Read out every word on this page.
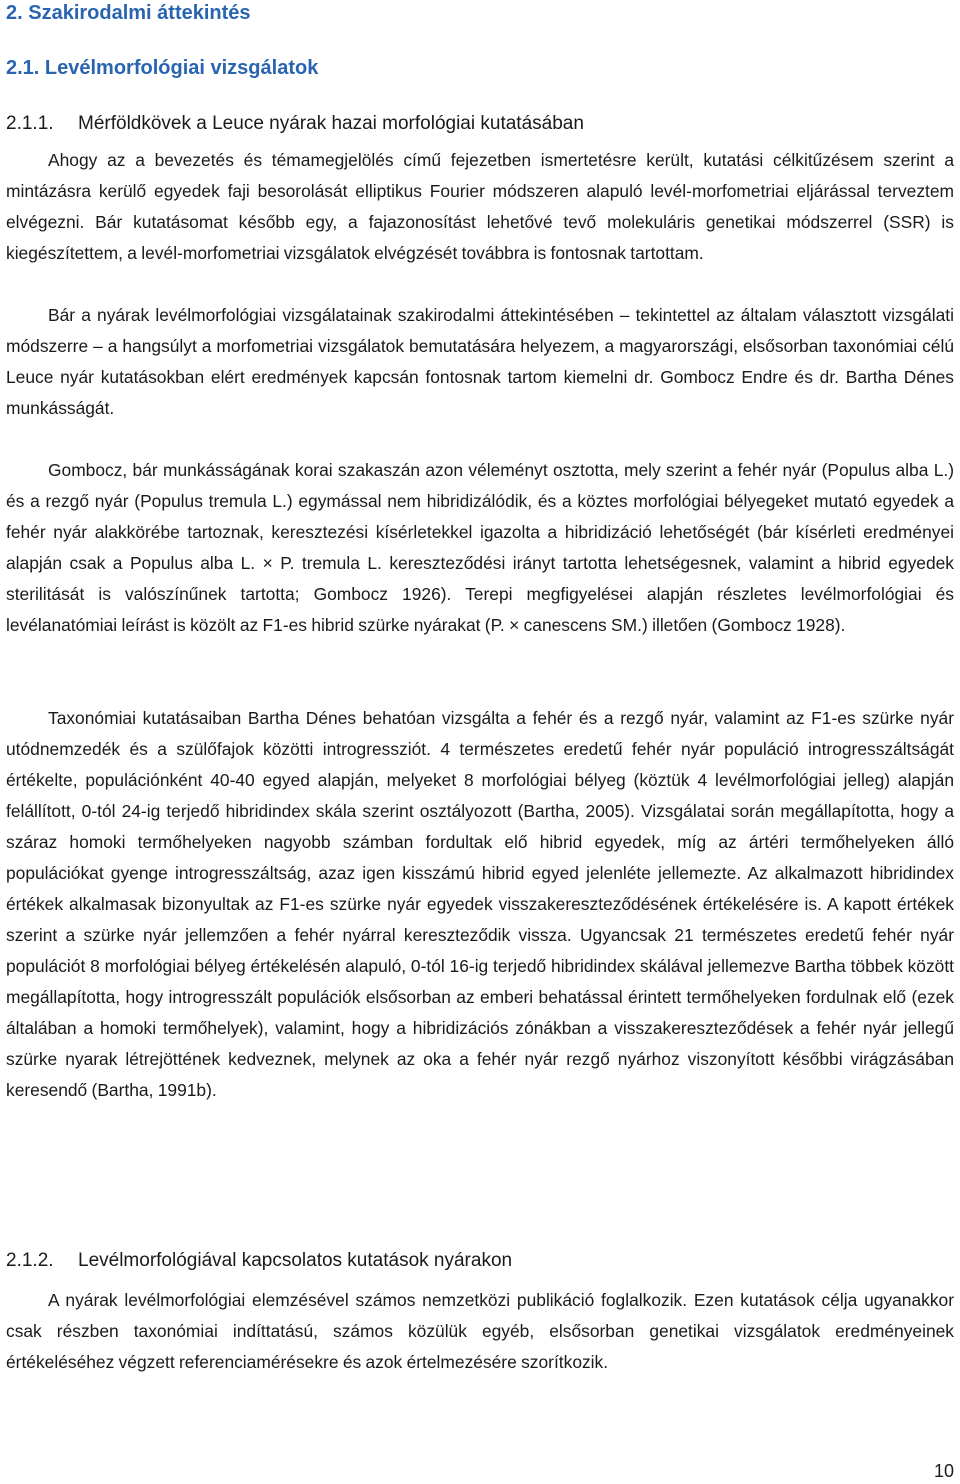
2. Szakirodalmi áttekintés
2.1. Levélmorfológiai vizsgálatok
2.1.1. Mérföldkövek a Leuce nyárak hazai morfológiai kutatásában

Ahogy az a bevezetés és témamegjelölés című fejezetben ismertetésre került, kutatási célkitűzésem szerint a mintázásra kerülő egyedek faji besorolását elliptikus Fourier módszeren alapuló levél-morfometriai eljárással terveztem elvégezni. Bár kutatásomat később egy, a fajazonosítást lehetővé tevő molekuláris genetikai módszerrel (SSR) is kiegészítettem, a levél-morfometriai vizsgálatok elvégzését továbbra is fontosnak tartottam.

Bár a nyárak levélmorfológiai vizsgálatainak szakirodalmi áttekintésében – tekintettel az általam választott vizsgálati módszerre – a hangsúlyt a morfometriai vizsgálatok bemutatására helyezem, a magyarországi, elsősorban taxonómiai célú Leuce nyár kutatásokban elért eredmények kapcsán fontosnak tartom kiemelni dr. Gombocz Endre és dr. Bartha Dénes munkásságát.

Gombocz, bár munkásságának korai szakaszán azon véleményt osztotta, mely szerint a fehér nyár (Populus alba L.) és a rezgő nyár (Populus tremula L.) egymással nem hibridizálódik, és a köztes morfológiai bélyegeket mutató egyedek a fehér nyár alakkörébe tartoznak, keresztezési kísérletekkel igazolta a hibridizáció lehetőségét (bár kísérleti eredményei alapján csak a Populus alba L. × P. tremula L. kereszteződési irányt tartotta lehetségesnek, valamint a hibrid egyedek sterilitását is valószínűnek tartotta; Gombocz 1926). Terepi megfigyelései alapján részletes levélmorfológiai és levélanatómiai leírást is közölt az F1-es hibrid szürke nyárakat (P. × canescens SM.) illetően (Gombocz 1928).

Taxonómiai kutatásaiban Bartha Dénes behatóan vizsgálta a fehér és a rezgő nyár, valamint az F1-es szürke nyár utódnemzedék és a szülőfajok közötti introgressziót. 4 természetes eredetű fehér nyár populáció introgresszáltságát értékelte, populációnként 40-40 egyed alapján, melyeket 8 morfológiai bélyeg (köztük 4 levélmorfológiai jelleg) alapján felállított, 0-tól 24-ig terjedő hibridindex skála szerint osztályozott (Bartha, 2005). Vizsgálatai során megállapította, hogy a száraz homoki termőhelyeken nagyobb számban fordultak elő hibrid egyedek, míg az ártéri termőhelyeken álló populációkat gyenge introgresszáltság, azaz igen kisszámú hibrid egyed jelenléte jellemezte. Az alkalmazott hibridindex értékek alkalmasak bizonyultak az F1-es szürke nyár egyedek visszakereszteződésének értékelésére is. A kapott értékek szerint a szürke nyár jellemzően a fehér nyárral kereszteződik vissza. Ugyancsak 21 természetes eredetű fehér nyár populációt 8 morfológiai bélyeg értékelésén alapuló, 0-tól 16-ig terjedő hibridindex skálával jellemezve Bartha többek között megállapította, hogy introgresszált populációk elsősorban az emberi behatással érintett termőhelyeken fordulnak elő (ezek általában a homoki termőhelyek), valamint, hogy a hibridizációs zónákban a visszakereszteződések a fehér nyár jellegű szürke nyarak létrejöttének kedveznek, melynek az oka a fehér nyár rezgő nyárhoz viszonyított későbbi virágzásában keresendő (Bartha, 1991b).

2.1.2. Levélmorfológiával kapcsolatos kutatások nyárakon

A nyárak levélmorfológiai elemzésével számos nemzetközi publikáció foglalkozik. Ezen kutatások célja ugyanakkor csak részben taxonómiai indíttatású, számos közülük egyéb, elsősorban genetikai vizsgálatok eredményeinek értékeléséhez végzett referenciamérésekre és azok értelmezésére szorítkozik.

10
